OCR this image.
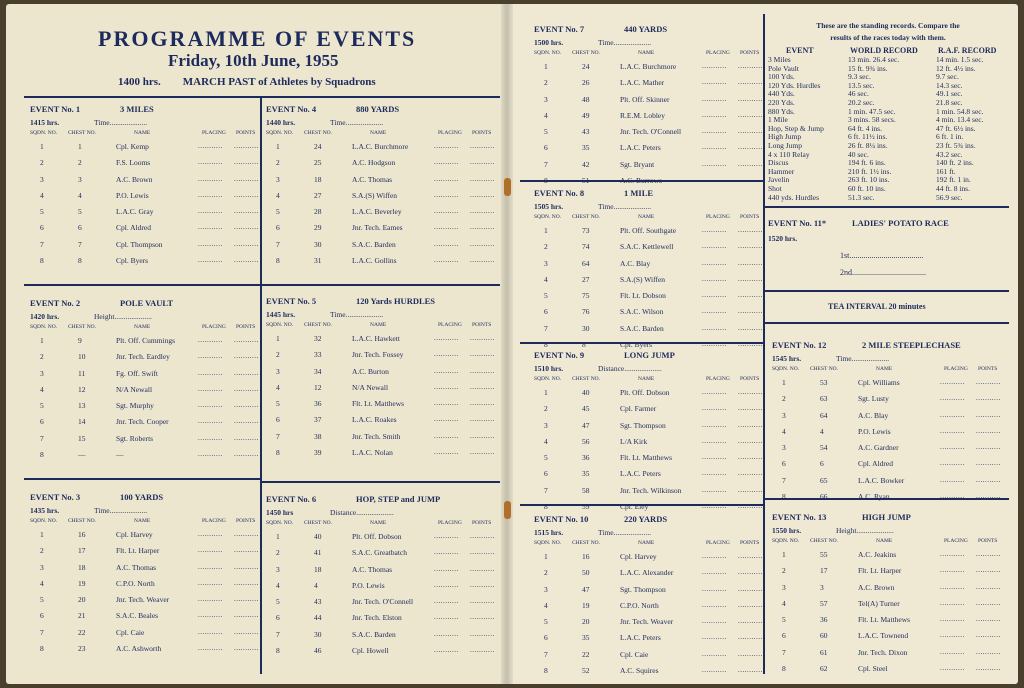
PROGRAMME OF EVENTS
Friday, 10th June, 1955
1400 hrs. MARCH PAST of Athletes by Squadrons
These are the standing records. Compare the
results of the races today with them.
EVENT	WORLD RECORD	R.A.F. RECORD
3 Miles	13 min. 26.4 sec.	14 min. 1.5 sec.
Pole Vault	15 ft. 9¾ ins.	12 ft. 4½ ins.
100 Yds.	9.3 sec.	9.7 sec.
120 Yds. Hurdles	13.5 sec.	14.3 sec.
440 Yds.	46 sec.	49.1 sec.
220 Yds.	20.2 sec.	21.8 sec.
880 Yds.	1 min. 47.5 sec.	1 min. 54.8 sec.
1 Mile	3 mins. 58 secs.	4 min. 13.4 sec.
Hop, Step & Jump	64 ft. 4 ins.	47 ft. 6½ ins.
High Jump	6 ft. 11½ ins.	6 ft. 1 in.
Long Jump	26 ft. 8¼ ins.	23 ft. 5¾ ins.
4 x 110 Relay	40 sec.	43.2 sec.
Discus	194 ft. 6 ins.	140 ft. 2 ins.
Hammer	210 ft. 1½ ins.	161 ft.
Javelin	263 ft. 10 ins.	192 ft. 1 in.
Shot	60 ft. 10 ins.	44 ft. 8 ins.
440 yds. Hurdles	51.3 sec.	56.9 sec.
EVENT No. 11*	LADIES' POTATO RACE
1520 hrs.
1st.....................................
2nd.....................................
TEA INTERVAL 20 minutes
EVENT No. 1	3 MILES
1415 hrs.	Time....................
SQDN. NO. CHEST NO.	NAME	PLACING POINTS
1	1	Cpl. Kemp	........... ...........
2	2	F.S. Looms	........... ...........
3	3	A.C. Brown	........... ...........
4	4	P.O. Lewis	........... ...........
5	5	L.A.C. Gray	........... ...........
6	6	Cpl. Aldred	........... ...........
7	7	Cpl. Thompson	........... ...........
8	8	Cpl. Byers	........... ...........
EVENT No. 2	POLE VAULT
1420 hrs.	Height....................
SQDN. NO. CHEST NO.	NAME	PLACING POINTS
1	9	Plt. Off. Cummings	........... ...........
2	10	Jnr. Tech. Eardley	........... ...........
3	11	Fg. Off. Swift	........... ...........
4	12	N/A Newall	........... ...........
5	13	Sgt. Murphy	........... ...........
6	14	Jnr. Tech. Cooper	........... ...........
7	15	Sgt. Roberts	........... ...........
8	—	—	........... ...........
EVENT No. 3	100 YARDS
1435 hrs.	Time....................
SQDN. NO. CHEST NO.	NAME	PLACING POINTS
1	16	Cpl. Harvey	........... ...........
2	17	Flt. Lt. Harper	........... ...........
3	18	A.C. Thomas	........... ...........
4	19	C.P.O. North	........... ...........
5	20	Jnr. Tech. Weaver	........... ...........
6	21	S.A.C. Beales	........... ...........
7	22	Cpl. Caie	........... ...........
8	23	A.C. Ashworth	........... ...........
EVENT No. 4	880 YARDS
1440 hrs.	Time....................
SQDN. NO. CHEST NO.	NAME	PLACING POINTS
1	24	L.A.C. Burchmore	........... ...........
2	25	A.C. Hodgson	........... ...........
3	18	A.C. Thomas	........... ...........
4	27	S.A.(S) Wiffen	........... ...........
5	28	L.A.C. Beverley	........... ...........
6	29	Jnr. Tech. Eames	........... ...........
7	30	S.A.C. Barden	........... ...........
8	31	L.A.C. Gollins	........... ...........
EVENT No. 5	120 Yards HURDLES
1445 hrs.	Time....................
SQDN. NO. CHEST NO.	NAME	PLACING POINTS
1	32	L.A.C. Hawkett	........... ...........
2	33	Jnr. Tech. Fossey	........... ...........
3	34	A.C. Burton	........... ...........
4	12	N/A Newall	........... ...........
5	36	Flt. Lt. Matthews	........... ...........
6	37	L.A.C. Roakes	........... ...........
7	38	Jnr. Tech. Smith	........... ...........
8	39	L.A.C. Nolan	........... ...........
EVENT No. 6	HOP, STEP and JUMP
1450 hrs	Distance....................
SQDN. NO. CHEST NO.	NAME	PLACING POINTS
1	40	Plt. Off. Dobson	........... ...........
2	41	S.A.C. Greatbatch	........... ...........
3	18	A.C. Thomas	........... ...........
4	4	P.O. Lewis	........... ...........
5	43	Jnr. Tech. O'Connell	........... ...........
6	44	Jnr. Tech. Elston	........... ...........
7	30	S.A.C. Barden	........... ...........
8	46	Cpl. Howell	........... ...........
EVENT No. 7	440 YARDS
1500 hrs.	Time....................
SQDN. NO. CHEST NO.	NAME	PLACING POINTS
1	24	L.A.C. Burchmore	........... ...........
2	26	L.A.C. Mather	........... ...........
3	48	Plt. Off. Skinner	........... ...........
4	49	R.E.M. Lobley	........... ...........
5	43	Jnr. Tech. O'Connell	........... ...........
6	35	L.A.C. Peters	........... ...........
7	42	Sgt. Bryant	........... ...........
8	51	A.C. Burrows	........... ...........
EVENT No. 8	1 MILE
1505 hrs.	Time....................
SQDN. NO. CHEST NO.	NAME	PLACING POINTS
1	73	Plt. Off. Southgate	........... ...........
2	74	S.A.C. Kettlewell	........... ...........
3	64	A.C. Blay	........... ...........
4	27	S.A.(S) Wiffen	........... ...........
5	75	Flt. Lt. Dobson	........... ...........
6	76	S.A.C. Wilson	........... ...........
7	30	S.A.C. Barden	........... ...........
8	8	Cpl. Byers	........... ...........
EVENT No. 9	LONG JUMP
1510 hrs.	Distance....................
SQDN. NO. CHEST NO.	NAME	PLACING POINTS
1	40	Plt. Off. Dobson	........... ...........
2	45	Cpl. Farmer	........... ...........
3	47	Sgt. Thompson	........... ...........
4	56	L/A Kirk	........... ...........
5	36	Flt. Lt. Matthews	........... ...........
6	35	L.A.C. Peters	........... ...........
7	58	Jnr. Tech. Wilkinson	........... ...........
8	59	Cpl. Eley	........... ...........
EVENT No. 10	220 YARDS
1515 hrs.	Time....................
SQDN. NO. CHEST NO.	NAME	PLACING POINTS
1	16	Cpl. Harvey	........... ...........
2	50	L.A.C. Alexander	........... ...........
3	47	Sgt. Thompson	........... ...........
4	19	C.P.O. North	........... ...........
5	20	Jnr. Tech. Weaver	........... ...........
6	35	L.A.C. Peters	........... ...........
7	22	Cpl. Caie	........... ...........
8	52	A.C. Squires	........... ...........
EVENT No. 12	2 MILE STEEPLECHASE
1545 hrs.	Time....................
SQDN. NO. CHEST NO.	NAME	PLACING POINTS
1	53	Cpl. Williams	........... ...........
2	63	Sgt. Lusty	........... ...........
3	64	A.C. Blay	........... ...........
4	4	P.O. Lewis	........... ...........
3	54	A.C. Gardner	........... ...........
6	6	Cpl. Aldred	........... ...........
7	65	L.A.C. Bowker	........... ...........
8	66	A.C. Ryan	........... ...........
EVENT No. 13	HIGH JUMP
1550 hrs.	Height....................
SQDN. NO. CHEST NO.	NAME	PLACING POINTS
1	55	A.C. Jeakins	........... ...........
2	17	Flt. Lt. Harper	........... ...........
3	3	A.C. Brown	........... ...........
4	57	Tel(A) Turner	........... ...........
5	36	Flt. Lt. Matthews	........... ...........
6	60	L.A.C. Townend	........... ...........
7	61	Jnr. Tech. Dixon	........... ...........
8	62	Cpl. Steel	........... ...........
